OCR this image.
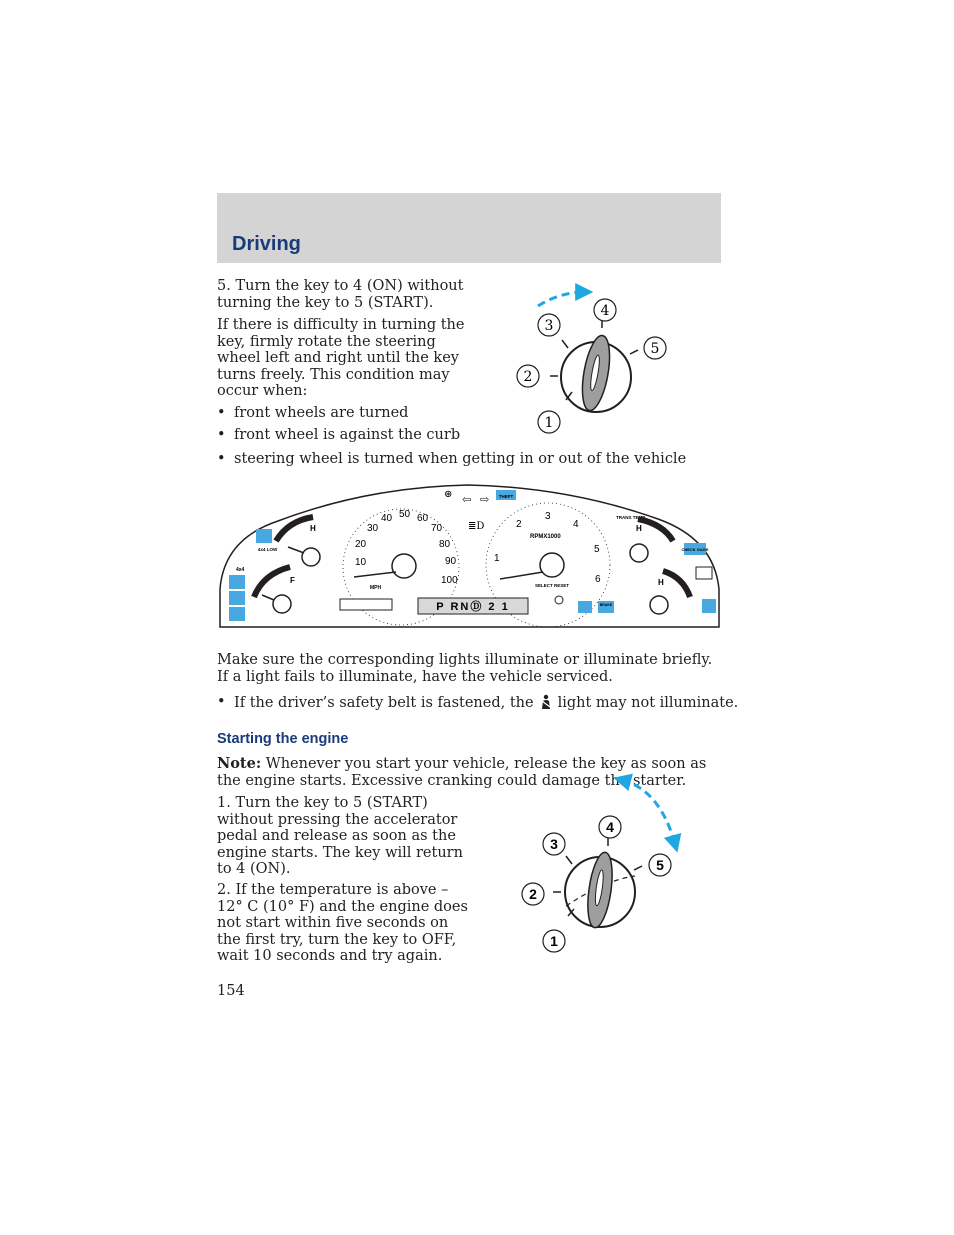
Driving

5. Turn the key to 4 (ON) without turning the key to 5 (START).

If there is difficulty in turning the key, firmly rotate the steering wheel left and right until the key turns freely. This condition may occur when:

• front wheels are turned
• front wheel is against the curb
• steering wheel is turned when getting in or out of the vehicle
1
2
3
4
5
10
20
30
40 50 60
70
80
90
100
MPH
1
2
3
4
5
6
RPMX1000
SELECT RESET
P RNⒹ 2 1
⊛ ⇦ ⇨ THEFT
≣D
4x4 LOW
4x4
H
F
TRANS TEMP
H
CHECK GAGE
H
BRAKE

Make sure the corresponding lights illuminate or illuminate briefly. If a light fails to illuminate, have the vehicle serviced.

• If the driver’s safety belt is fastened, the light may not illuminate.
Starting the engine

Note: Whenever you start your vehicle, release the key as soon as the engine starts. Excessive cranking could damage the starter.

1. Turn the key to 5 (START) without pressing the accelerator pedal and release as soon as the engine starts. The key will return to 4 (ON).

2. If the temperature is above –12° C (10° F) and the engine does not start within five seconds on the first try, turn the key to OFF, wait 10 seconds and try again.

1
2
3
4
5
154
